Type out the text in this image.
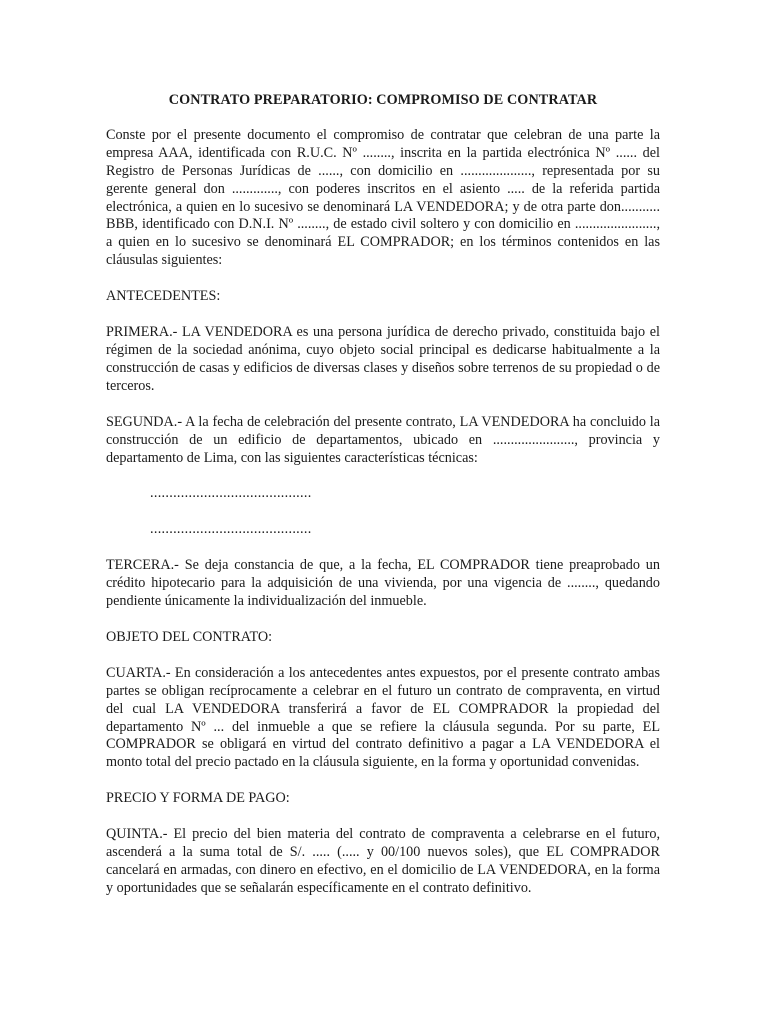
CONTRATO PREPARATORIO: COMPROMISO DE CONTRATAR
Conste por el presente documento el compromiso de contratar que celebran de una parte la empresa AAA, identificada con R.U.C. Nº ........, inscrita en la partida electrónica Nº ...... del Registro de Personas Jurídicas de ......, con domicilio en ...................., representada por su gerente general don ............., con poderes inscritos en el asiento ..... de la referida partida electrónica, a quien en lo sucesivo se denominará LA VENDEDORA; y de otra parte don........... BBB, identificado con D.N.I. Nº ........, de estado civil soltero y con domicilio en ......................., a quien en lo sucesivo se denominará EL COMPRADOR; en los términos contenidos en las cláusulas siguientes:
ANTECEDENTES:
PRIMERA.- LA VENDEDORA es una persona jurídica de derecho privado, constituida bajo el régimen de la sociedad anónima, cuyo objeto social principal es dedicarse habitualmente a la construcción de casas y edificios de diversas clases y diseños sobre terrenos de su propiedad o de terceros.
SEGUNDA.- A la fecha de celebración del presente contrato, LA VENDEDORA ha concluido la construcción de un edificio de departamentos, ubicado en ......................., provincia y departamento de Lima, con las siguientes características técnicas:
..........................................
..........................................
TERCERA.- Se deja constancia de que, a la fecha, EL COMPRADOR tiene preaprobado un crédito hipotecario para la adquisición de una vivienda, por una vigencia de ........, quedando pendiente únicamente la individualización del inmueble.
OBJETO DEL CONTRATO:
CUARTA.- En consideración a los antecedentes antes expuestos, por el presente contrato ambas partes se obligan recíprocamente a celebrar en el futuro un contrato de compraventa, en virtud del cual LA VENDEDORA transferirá a favor de EL COMPRADOR la propiedad del departamento Nº ... del inmueble a que se refiere la cláusula segunda. Por su parte, EL COMPRADOR se obligará en virtud del contrato definitivo a pagar a LA VENDEDORA el monto total del precio pactado en la cláusula siguiente, en la forma y oportunidad convenidas.
PRECIO Y FORMA DE PAGO:
QUINTA.- El precio del bien materia del contrato de compraventa a celebrarse en el futuro, ascenderá a la suma total de S/. ..... (..... y 00/100 nuevos soles), que EL COMPRADOR cancelará en armadas, con dinero en efectivo, en el domicilio de LA VENDEDORA, en la forma y oportunidades que se señalarán específicamente en el contrato definitivo.
